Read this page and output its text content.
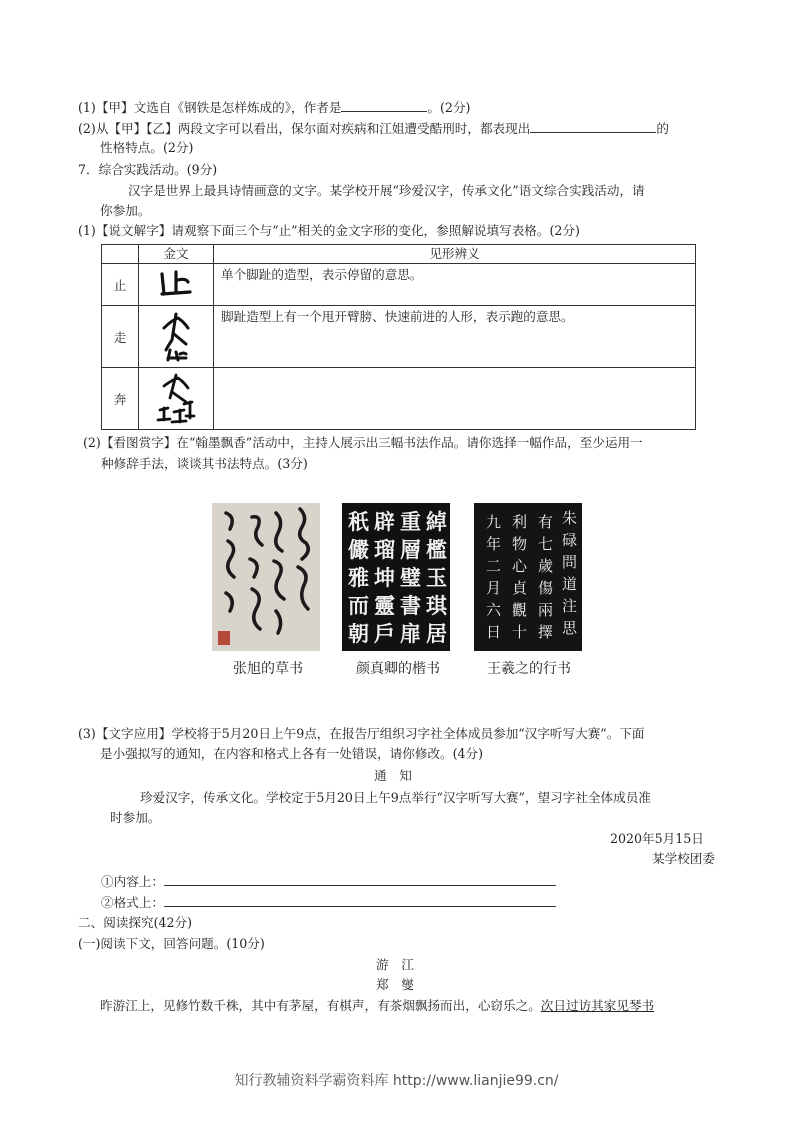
(1)【甲】文选自《钢铁是怎样炼成的》，作者是	。(2分)
(2)从【甲】【乙】两段文字可以看出，保尔面对疾病和江姐遭受酷刑时，都表现出	的
性格特点。(2分)
7．综合实践活动。(9分)
汉字是世界上最具诗情画意的文字。某学校开展“珍爱汉字，传承文化”语文综合实践活动，请
你参加。
(1)【说文解字】请观察下面三个与“止”相关的金文字形的变化，参照解说填写表格。(2分)
	金文	见形辨义
止		单个脚趾的造型，表示停留的意思。
走		脚趾造型上有一个甩开臂膀、快速前进的人形，表示跑的意思。
奔	

(2)【看图赏字】在“翰墨飘香”活动中，主持人展示出三幅书法作品。请你选择一幅作品，至少运用一
种修辞手法，谈谈其书法特点。(3分)
綽
檻
玉
琪
居
重
層
璧
書
扉
辟
瑠
坤
靈
戶
秖
儼
雅
而
朝
朱
碌
問
道
注
思
有
七
歲
傷
兩
擇
利
物
心
貞
觀
十
九
年
二
月
六
日
张旭的草书	颜真卿的楷书	王羲之的行书
(3)【文字应用】学校将于5月20日上午9点，在报告厅组织习字社全体成员参加“汉字听写大赛”。下面
是小强拟写的通知，在内容和格式上各有一处错误，请你修改。(4分)
通　知
珍爱汉字，传承文化。学校定于5月20日上午9点举行“汉字听写大赛”，望习字社全体成员准
时参加。
2020年5月15日
某学校团委
①内容上：
②格式上：
二、阅读探究(42分)
(一)阅读下文，回答问题。(10分)
游　江
郑　燮
昨游江上，见修竹数千株，其中有茅屋，有棋声，有茶烟飘扬而出，心窃乐之。次日过访其家见琴书
知行教辅资料学霸资料库 http://www.lianjie99.cn/
